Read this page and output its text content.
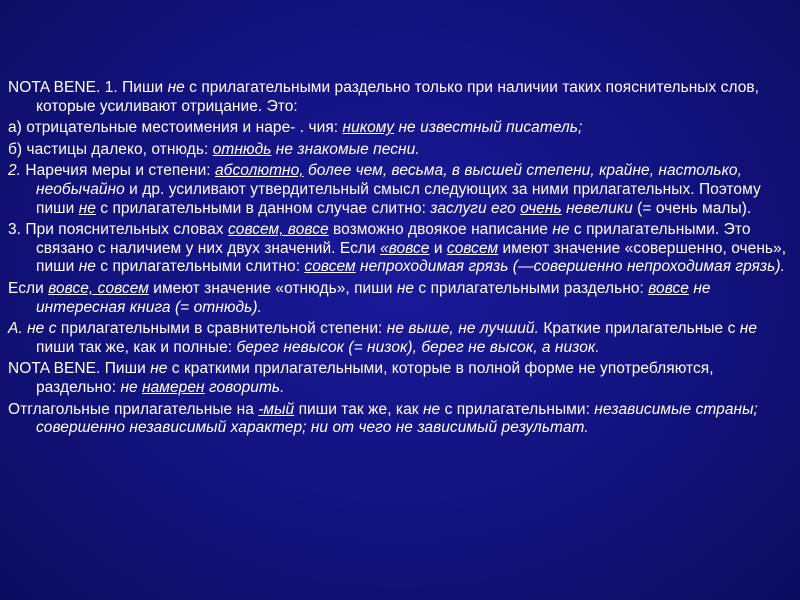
NOTA BENE. 1. Пиши не с прилагательными раздельно только при наличии таких пояснительных слов, которые усиливают отрицание. Это:

а) отрицательные местоимения и наре- . чия: никому не известный писатель;

б) частицы далеко, отнюдь: отнюдь не знакомые песни.

2. Наречия меры и степени: абсолютно, более чем, весьма, в высшей степени, крайне, настолько, необычайно и др. усиливают утвердительный смысл следующих за ними прилагательных. Поэтому пиши не с прилагательными в данном случае слитно: заслуги его очень невелики (= очень малы).

3. При пояснительных словах совсем, вовсе возможно двоякое написание не с прилагательными. Это связано с наличием у них двух значений. Если «вовсе и совсем имеют значение «совершенно, очень», пиши не с прилагательными слитно: совсем непроходимая грязь (—совершенно непроходимая грязь).

Если вовсе, совсем имеют значение «отнюдь», пиши не с прилагательными раздельно: вовсе не интересная книга (= отнюдь).

А. не с прилагательными в сравнительной степени: не выше, не лучший. Краткие прилагательные с не пиши так же, как и полные: берег невысок (= низок), берег не высок, а низок.

NOTA BENE. Пиши не с краткими прилагательными, которые в полной форме не употребляются, раздельно: не намерен говорить.

Отглагольные прилагательные на -мый пиши так же, как не с прилагательными: независимые страны; совершенно независимый характер; ни от чего не зависимый результат.
